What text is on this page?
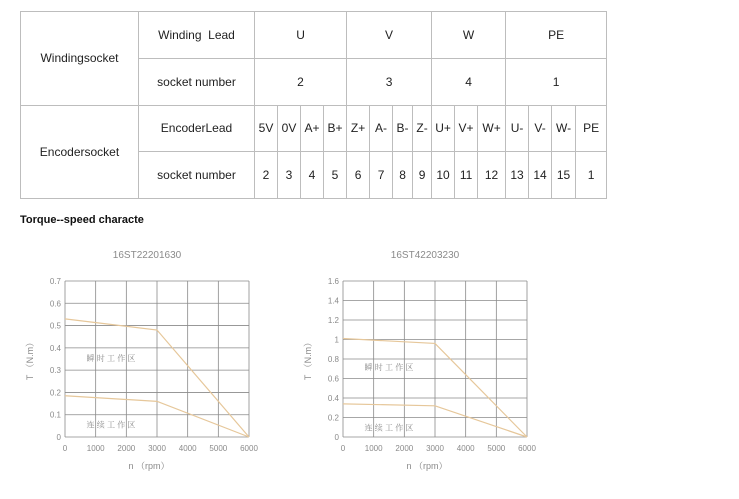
Windingsocket	Winding  Lead	U				V				W			PE			
	socket number	2				3				4			1			
Encodersocket	EncoderLead	5V	0V	A+	B+	Z+	A-	B-	Z-	U+	V+	W+	U-	V-	W-	PE
	socket number	2	3	4	5	6	7	8	9	10	11	12	13	14	15	1
Torque--speed characte
16ST22201630
0 1000 2000 3000 4000 5000 6000
0
0.1
0.2
0.3
0.4
0.5
0.6
0.7
瞬 时 工 作 区
连 续 工 作 区
n （rpm）
T （N.m）
16ST42203230
0 1000 2000 3000 4000 5000 6000
0
0.2
0.4
0.6
0.8
1
1.2
1.4
1.6
瞬 时 工 作 区
连 续 工 作 区
n （rpm）
T （N.m）
